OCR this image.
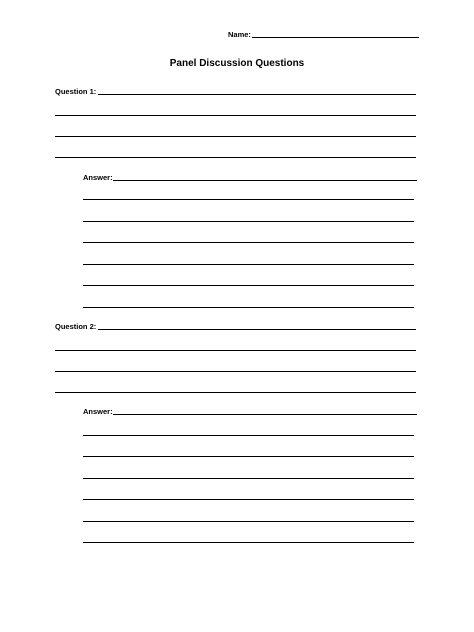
Name:
Panel Discussion Questions
Question 1:
Answer:
Question 2:
Answer:
